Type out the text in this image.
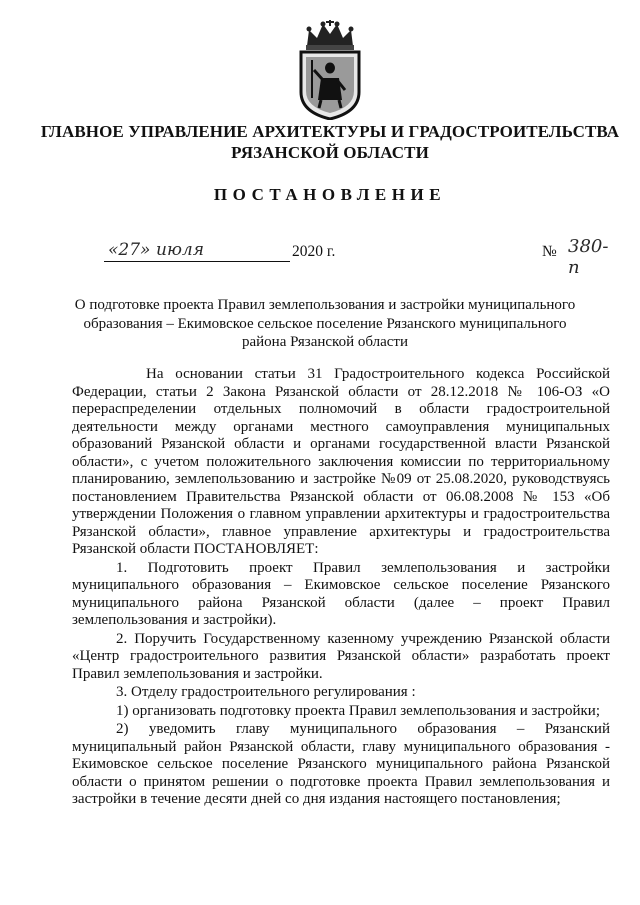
ГЛАВНОЕ УПРАВЛЕНИЕ АРХИТЕКТУРЫ И ГРАДОСТРОИТЕЛЬСТВА
РЯЗАНСКОЙ ОБЛАСТИ
ПОСТАНОВЛЕНИЕ
«27» июля	2020 г.	№ 380-п
О подготовке проекта Правил землепользования и застройки муниципального
образования – Екимовское сельское поселение Рязанского муниципального
района Рязанской области

На основании статьи 31 Градостроительного кодекса Российской Федерации, статьи 2 Закона Рязанской области от 28.12.2018 № 106-ОЗ «О перераспределении отдельных полномочий в области градостроительной деятельности между органами местного самоуправления муниципальных образований Рязанской области и органами государственной власти Рязанской области», с учетом положительного заключения комиссии по территориальному планированию, землепользованию и застройке №09 от 25.08.2020, руководствуясь постановлением Правительства Рязанской области от 06.08.2008 № 153 «Об утверждении Положения о главном управлении архитектуры и градостроительства Рязанской области», главное управление архитектуры и градостроительства Рязанской области ПОСТАНОВЛЯЕТ:

1. Подготовить проект Правил землепользования и застройки муниципального образования – Екимовское сельское поселение Рязанского муниципального района Рязанской области (далее – проект Правил землепользования и застройки).

2. Поручить Государственному казенному учреждению Рязанской области «Центр градостроительного развития Рязанской области» разработать проект Правил землепользования и застройки.

3. Отделу градостроительного регулирования :

1) организовать подготовку проекта Правил землепользования и застройки;

2) уведомить главу муниципального образования – Рязанский муниципальный район Рязанской области, главу муниципального образования - Екимовское сельское поселение Рязанского муниципального района Рязанской области о принятом решении о подготовке проекта Правил землепользования и застройки в течение десяти дней со дня издания настоящего постановления;
